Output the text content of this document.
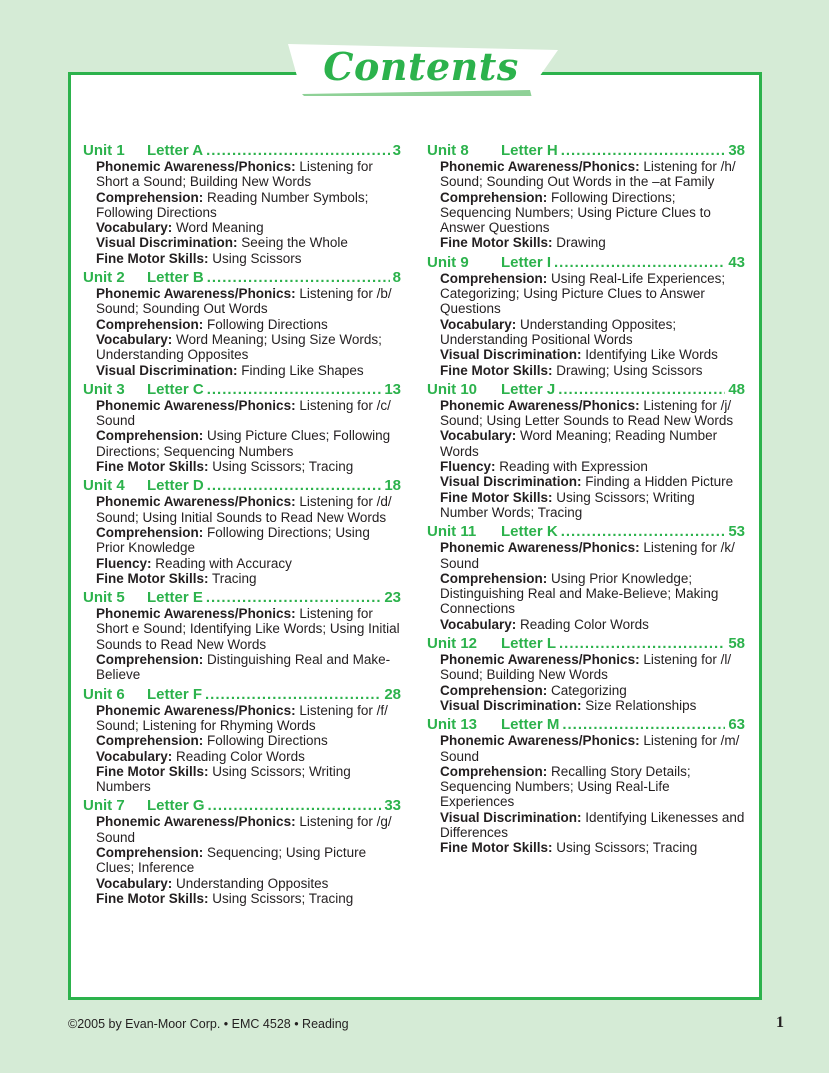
Contents
Unit 1	Letter A .....	3
Phonemic Awareness/Phonics: Listening for Short a Sound; Building New Words
Comprehension: Reading Number Symbols; Following Directions
Vocabulary: Word Meaning
Visual Discrimination: Seeing the Whole
Fine Motor Skills: Using Scissors
Unit 2	Letter B .....	8
Phonemic Awareness/Phonics: Listening for /b/ Sound; Sounding Out Words
Comprehension: Following Directions
Vocabulary: Word Meaning; Using Size Words; Understanding Opposites
Visual Discrimination: Finding Like Shapes
Unit 3	Letter C .....	13
Phonemic Awareness/Phonics: Listening for /c/ Sound
Comprehension: Using Picture Clues; Following Directions; Sequencing Numbers
Fine Motor Skills: Using Scissors; Tracing
Unit 4	Letter D .....	18
Phonemic Awareness/Phonics: Listening for /d/ Sound; Using Initial Sounds to Read New Words
Comprehension: Following Directions; Using Prior Knowledge
Fluency: Reading with Accuracy
Fine Motor Skills: Tracing
Unit 5	Letter E .....	23
Phonemic Awareness/Phonics: Listening for Short e Sound; Identifying Like Words; Using Initial Sounds to Read New Words
Comprehension: Distinguishing Real and Make-Believe
Unit 6	Letter F .....	28
Phonemic Awareness/Phonics: Listening for /f/ Sound; Listening for Rhyming Words
Comprehension: Following Directions
Vocabulary: Reading Color Words
Fine Motor Skills: Using Scissors; Writing Numbers
Unit 7	Letter G .....	33
Phonemic Awareness/Phonics: Listening for /g/ Sound
Comprehension: Sequencing; Using Picture Clues; Inference
Vocabulary: Understanding Opposites
Fine Motor Skills: Using Scissors; Tracing
Unit 8	Letter H .....	38
Phonemic Awareness/Phonics: Listening for /h/ Sound; Sounding Out Words in the –at Family
Comprehension: Following Directions; Sequencing Numbers; Using Picture Clues to Answer Questions
Fine Motor Skills: Drawing
Unit 9	Letter I .....	43
Comprehension: Using Real-Life Experiences; Categorizing; Using Picture Clues to Answer Questions
Vocabulary: Understanding Opposites; Understanding Positional Words
Visual Discrimination: Identifying Like Words
Fine Motor Skills: Drawing; Using Scissors
Unit 10	Letter J .....	48
Phonemic Awareness/Phonics: Listening for /j/ Sound; Using Letter Sounds to Read New Words
Vocabulary: Word Meaning; Reading Number Words
Fluency: Reading with Expression
Visual Discrimination: Finding a Hidden Picture
Fine Motor Skills: Using Scissors; Writing Number Words; Tracing
Unit 11	Letter K .....	53
Phonemic Awareness/Phonics: Listening for /k/ Sound
Comprehension: Using Prior Knowledge; Distinguishing Real and Make-Believe; Making Connections
Vocabulary: Reading Color Words
Unit 12	Letter L .....	58
Phonemic Awareness/Phonics: Listening for /l/ Sound; Building New Words
Comprehension: Categorizing
Visual Discrimination: Size Relationships
Unit 13	Letter M .....	63
Phonemic Awareness/Phonics: Listening for /m/ Sound
Comprehension: Recalling Story Details; Sequencing Numbers; Using Real-Life Experiences
Visual Discrimination: Identifying Likenesses and Differences
Fine Motor Skills: Using Scissors; Tracing
©2005 by Evan-Moor Corp. • EMC 4528 • Reading	1
